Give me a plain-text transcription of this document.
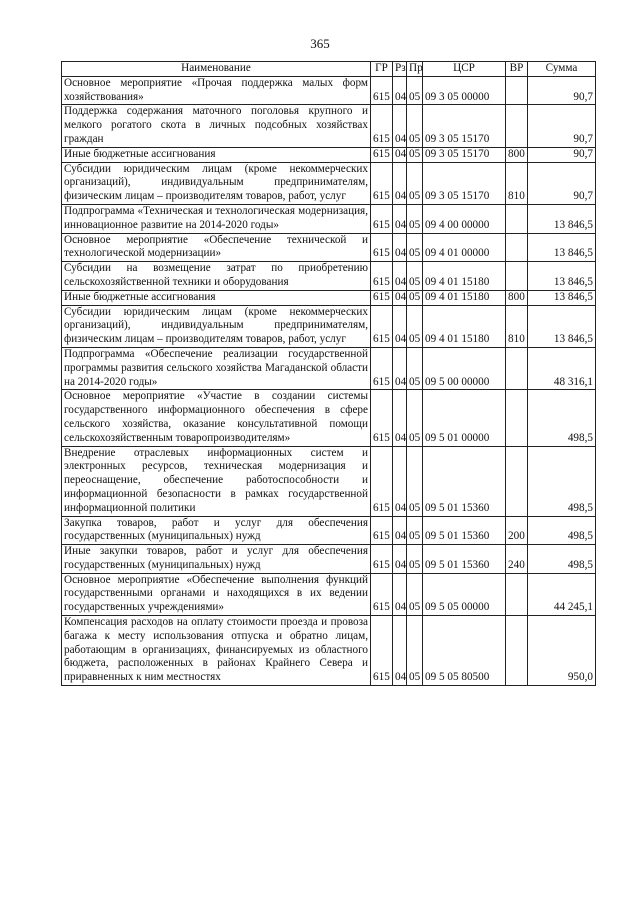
365
Наименование	ГР	Рз	Пр	ЦСР	ВР	Сумма
Основное мероприятие «Прочая поддержка малых форм хозяйствования»	615	04	05	09 3 05 00000		90,7
Поддержка содержания маточного поголовья крупного и мелкого рогатого скота в личных подсобных хозяйствах граждан	615	04	05	09 3 05 15170		90,7
Иные бюджетные ассигнования	615	04	05	09 3 05 15170	800	90,7
Субсидии юридическим лицам (кроме некоммерческих организаций), индивидуальным предпринимателям, физическим лицам – производителям товаров, работ, услуг	615	04	05	09 3 05 15170	810	90,7
Подпрограмма «Техническая и технологическая модернизация, инновационное развитие на 2014-2020 годы»	615	04	05	09 4 00 00000		13 846,5
Основное мероприятие «Обеспечение технической и технологической модернизации»	615	04	05	09 4 01 00000		13 846,5
Субсидии на возмещение затрат по приобретению сельскохозяйственной техники и оборудования	615	04	05	09 4 01 15180		13 846,5
Иные бюджетные ассигнования	615	04	05	09 4 01 15180	800	13 846,5
Субсидии юридическим лицам (кроме некоммерческих организаций), индивидуальным предпринимателям, физическим лицам – производителям товаров, работ, услуг	615	04	05	09 4 01 15180	810	13 846,5
Подпрограмма «Обеспечение реализации государственной программы развития сельского хозяйства Магаданской области на 2014-2020 годы»	615	04	05	09 5 00 00000		48 316,1
Основное мероприятие «Участие в создании системы государственного информационного обеспечения в сфере сельского хозяйства, оказание консультативной помощи сельскохозяйственным товаропроизводителям»	615	04	05	09 5 01 00000		498,5
Внедрение отраслевых информационных систем и электронных ресурсов, техническая модернизация и переоснащение, обеспечение работоспособности и информационной безопасности в рамках государственной информационной политики	615	04	05	09 5 01 15360		498,5
Закупка товаров, работ и услуг для обеспечения государственных (муниципальных) нужд	615	04	05	09 5 01 15360	200	498,5
Иные закупки товаров, работ и услуг для обеспечения государственных (муниципальных) нужд	615	04	05	09 5 01 15360	240	498,5
Основное мероприятие «Обеспечение выполнения функций государственными органами и находящихся в их ведении государственных учреждениями»	615	04	05	09 5 05 00000		44 245,1
Компенсация расходов на оплату стоимости проезда и провоза багажа к месту использования отпуска и обратно лицам, работающим в организациях, финансируемых из областного бюджета, расположенных в районах Крайнего Севера и приравненных к ним местностях	615	04	05	09 5 05 80500		950,0
